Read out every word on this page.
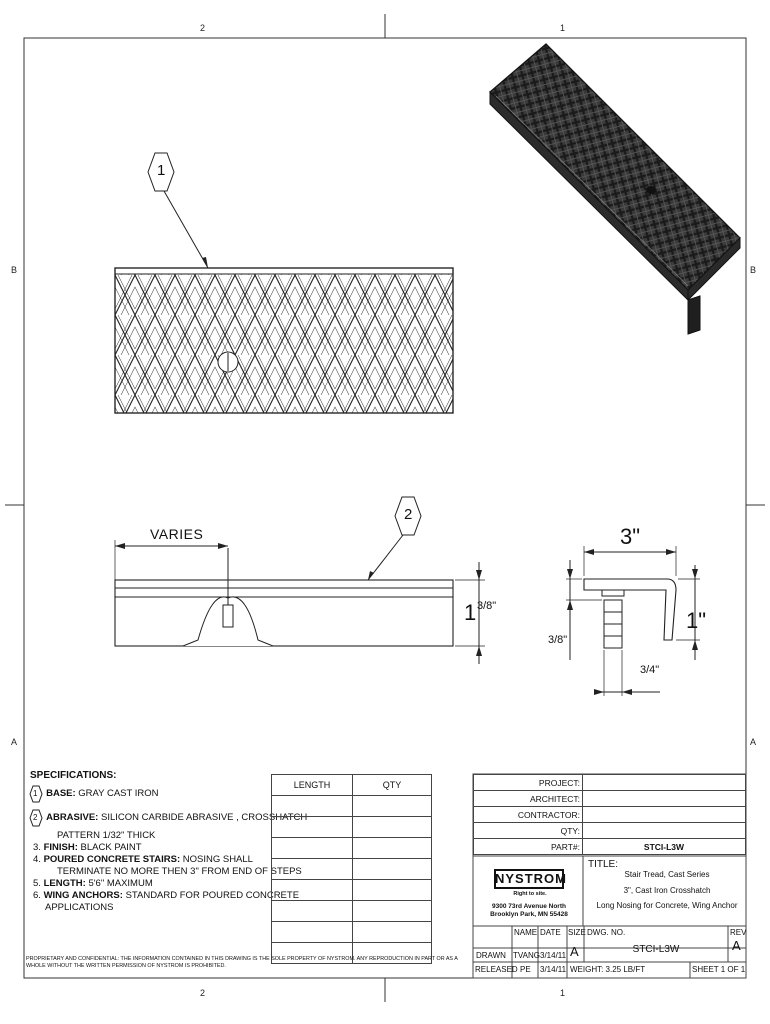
2	1
2	1
B
A
B
A
1
2
VARIES	3"
1"
1 3/8"
3/8"
3/4"
SPECIFICATIONS:
1 BASE: GRAY CAST IRON
2 ABRASIVE: SILICON CARBIDE ABRASIVE , CROSSHATCH
PATTERN 1/32" THICK
3. FINISH: BLACK PAINT
4. POURED CONCRETE STAIRS: NOSING SHALL
TERMINATE NO MORE THEN 3" FROM END OF STEPS
5. LENGTH: 5'6" MAXIMUM
6. WING ANCHORS: STANDARD FOR POURED CONCRETE
APPLICATIONS
LENGTH	QTY

PROPRIETARY AND CONFIDENTIAL: THE INFORMATION CONTAINED IN THIS DRAWING IS THE SOLE PROPERTY OF NYSTROM. ANY REPRODUCTION IN PART OR AS A WHOLE WITHOUT THE WRITTEN PERMISSION OF NYSTROM IS PROHIBITED.
PROJECT:	
ARCHITECT:	
CONTRACTOR:	
QTY:	
PART#:	STCI-L3W
NYSTROM
Right to site.
9300 73rd Avenue North
Brooklyn Park, MN 55428
TITLE:
Stair Tread, Cast Series
3", Cast Iron Crosshatch
Long Nosing for Concrete, Wing Anchor
NAME DATE SIZE
A
DWG. NO.
STCI-L3W
REV
A
DRAWN TVANG 3/14/11
RELEASED PE 3/14/11 WEIGHT: 3.25 LB/FT	SHEET 1 OF 1
